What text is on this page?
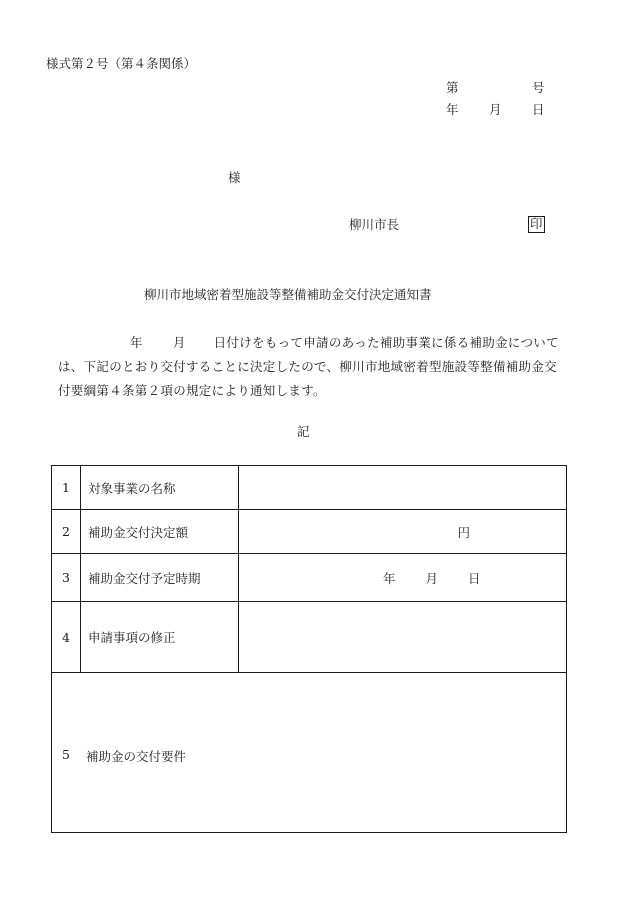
様式第２号（第４条関係）
第	号
年 月 日
様
柳川市長	印
柳川市地域密着型施設等整備補助金交付決定通知書
年 月 日付けをもって申請のあった補助事業に係る補助金については、下記のとおり交付することに決定したので、柳川市地域密着型施設等整備補助金交付要綱第４条第２項の規定により通知します。
記
1	対象事業の名称	
2	補助金交付決定額	円
3	補助金交付予定時期	年 月 日
4	申請事項の修正	

5 補助金の交付要件		
